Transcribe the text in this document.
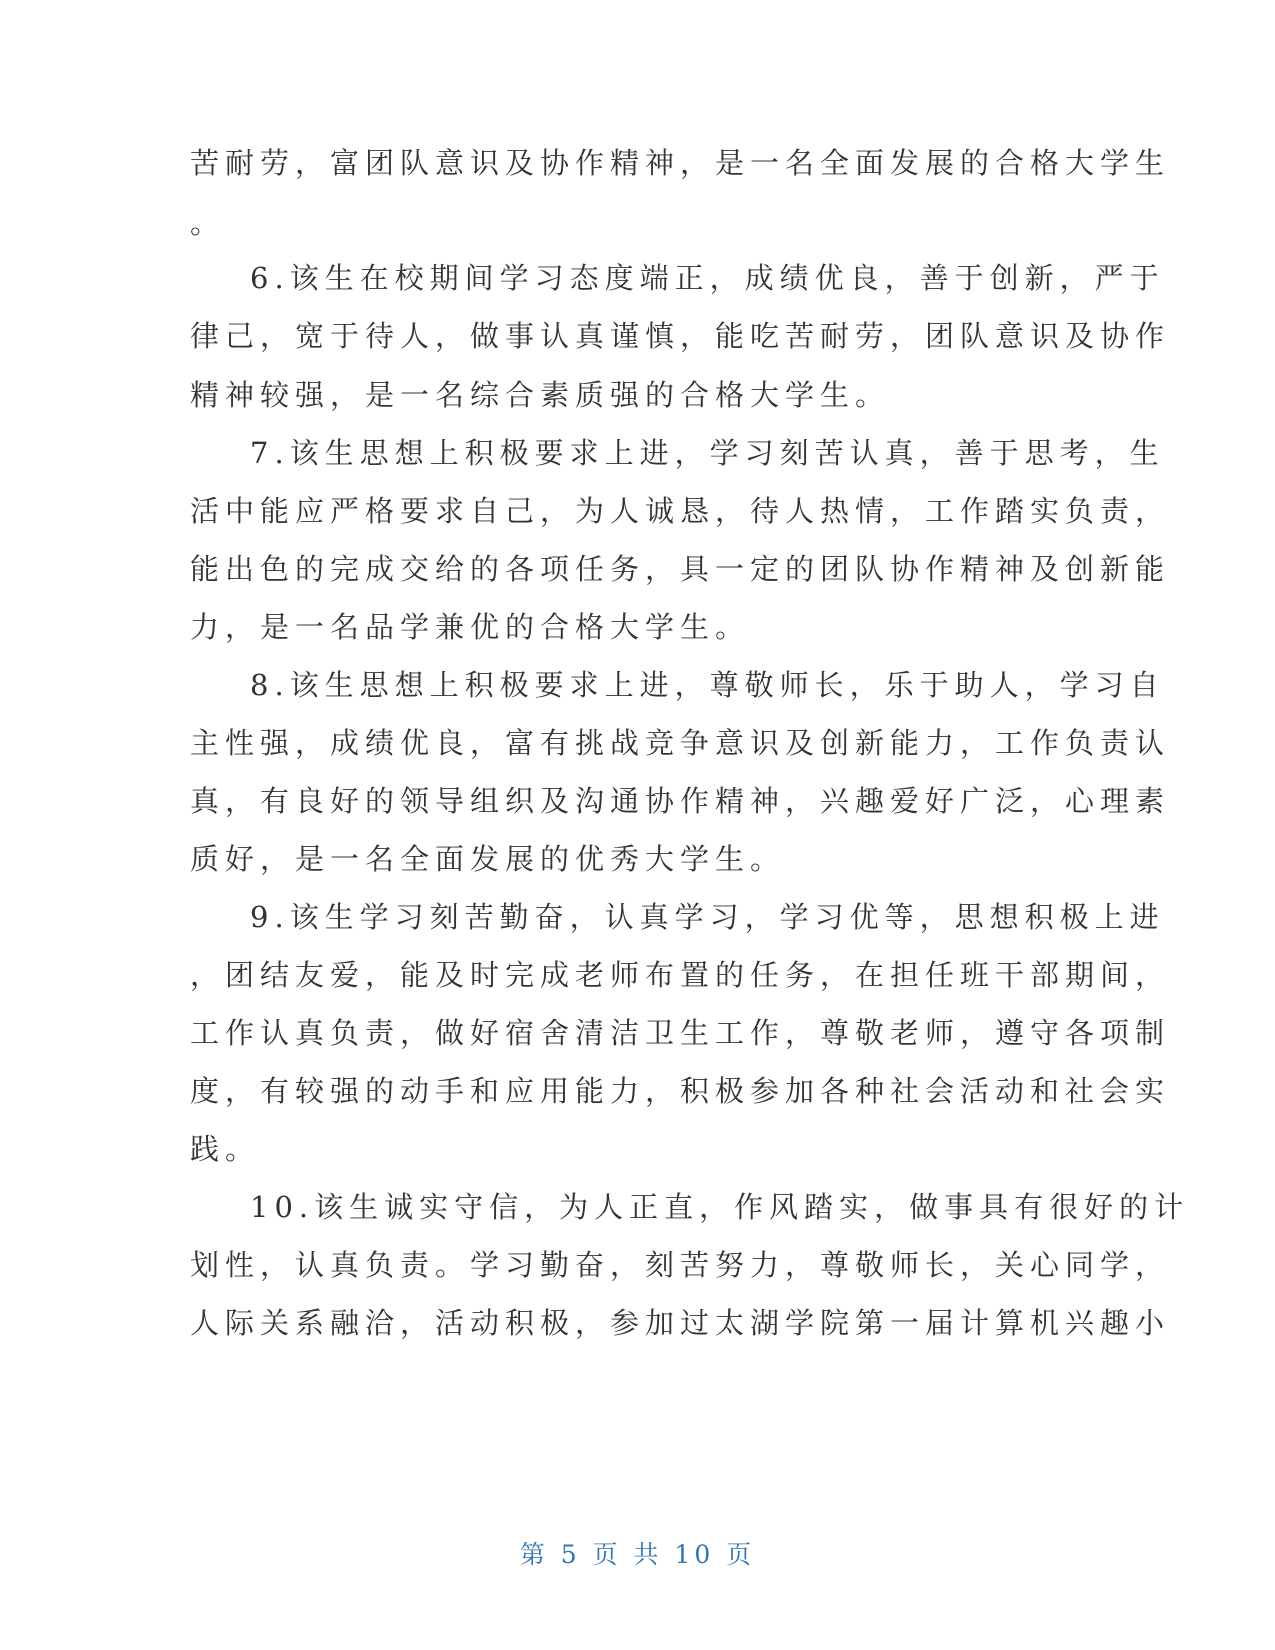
苦耐劳，富团队意识及协作精神，是一名全面发展的合格大学生
。
6.该生在校期间学习态度端正，成绩优良，善于创新，严于
律己，宽于待人，做事认真谨慎，能吃苦耐劳，团队意识及协作
精神较强，是一名综合素质强的合格大学生。
7.该生思想上积极要求上进，学习刻苦认真，善于思考，生
活中能应严格要求自己，为人诚恳，待人热情，工作踏实负责，
能出色的完成交给的各项任务，具一定的团队协作精神及创新能
力，是一名品学兼优的合格大学生。
8.该生思想上积极要求上进，尊敬师长，乐于助人，学习自
主性强，成绩优良，富有挑战竞争意识及创新能力，工作负责认
真，有良好的领导组织及沟通协作精神，兴趣爱好广泛，心理素
质好，是一名全面发展的优秀大学生。
9.该生学习刻苦勤奋，认真学习，学习优等，思想积极上进
，团结友爱，能及时完成老师布置的任务，在担任班干部期间，
工作认真负责，做好宿舍清洁卫生工作，尊敬老师，遵守各项制
度，有较强的动手和应用能力，积极参加各种社会活动和社会实
践。
10.该生诚实守信，为人正直，作风踏实，做事具有很好的计
划性，认真负责。学习勤奋，刻苦努力，尊敬师长，关心同学，
人际关系融洽，活动积极，参加过太湖学院第一届计算机兴趣小
第 5 页 共 10 页
